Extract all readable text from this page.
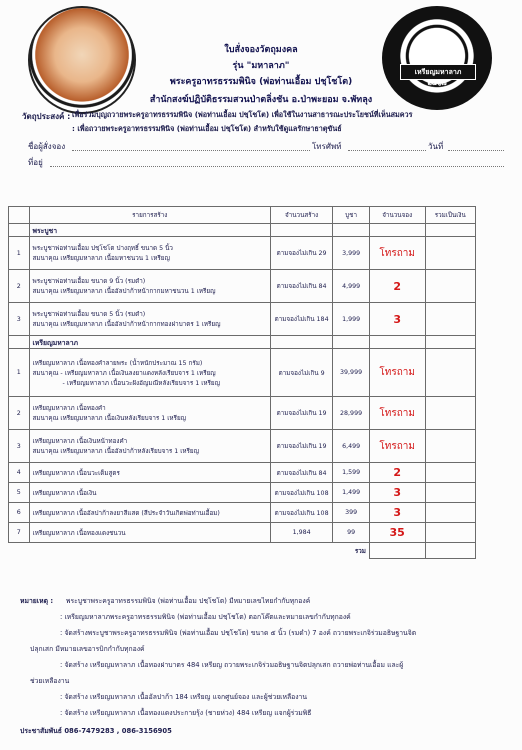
เหรียญมหาลาภ
๒๕๖๗
ใบสั่งจองวัตถุมงคล
รุ่น "มหาลาภ"
พระครูอาทรธรรมพินิจ (พ่อท่านเอื้อม ปชฺโชโต)
สำนักสงฆ์ปฏิบัติธรรมสวนป่าตลิ่งชัน อ.ป่าพะยอม จ.พัทลุง
วัตถุประสงค์ : เพื่อร่วมบุญถวายพระครูอาทรธรรมพินิจ (พ่อท่านเอื้อม ปชฺโชโต) เพื่อใช้ในงานสาธารณะประโยชน์ที่เห็นสมควร
: เพื่อถวายพระครูอาทรธรรมพินิจ (พ่อท่านเอื้อม ปชฺโชโต) สำหรับใช้ดูแลรักษาธาตุขันธ์
ชื่อผู้สั่งจอง	โทรศัพท์	วันที่
ที่อยู่
	รายการสร้าง	จำนวนสร้าง	บูชา	จำนวนจอง	รวมเป็นเงิน
	พระบูชา				
1	พระบูชาพ่อท่านเอื้อม ปชฺโชโต ปางฤทธิ์ ขนาด 5 นิ้ว
สมนาคุณ เหรียญมหาลาภ เนื้อมหาชนวน 1 เหรียญ	ตามจองไม่เกิน 29	3,999	โทรถาม	
2	พระบูชาพ่อท่านเอื้อม ขนาด 9 นิ้ว (รมดำ)
สมนาคุณ เหรียญมหาลาภ เนื้ออัลปาก้าหน้ากากมหาชนวน 1 เหรียญ	ตามจองไม่เกิน 84	4,999	2	
3	พระบูชาพ่อท่านเอื้อม ขนาด 5 นิ้ว (รมดำ)
สมนาคุณ เหรียญมหาลาภ เนื้ออัลปาก้าหน้ากากทองฝาบาตร 1 เหรียญ	ตามจองไม่เกิน 184	1,999	3	
	เหรียญมหาลาภ				
1	เหรียญมหาลาภ เนื้อทองคำลายพระ (น้ำหนักประมาณ 15 กรัม)
สมนาคุณ - เหรียญมหาลาภ เนื้อเงินลงยาแดงหลังเรียบจาร 1 เหรียญ
- เหรียญมหาลาภ เนื้อนวะฝังอัญมณีหลังเรียบจาร 1 เหรียญ	ตามจองไม่เกิน 9	39,999	โทรถาม	
2	เหรียญมหาลาภ เนื้อทองคำ
สมนาคุณ เหรียญมหาลาภ เนื้อเงินหลังเรียบจาร 1 เหรียญ	ตามจองไม่เกิน 19	28,999	โทรถาม	
3	เหรียญมหาลาภ เนื้อเงินหน้าทองคำ
สมนาคุณ เหรียญมหาลาภ เนื้ออัลปาก้าหลังเรียบจาร 1 เหรียญ	ตามจองไม่เกิน 19	6,499	โทรถาม	
4	เหรียญมหาลาภ เนื้อนวะเต็มสูตร	ตามจองไม่เกิน 84	1,599	2	
5	เหรียญมหาลาภ เนื้อเงิน	ตามจองไม่เกิน 108	1,499	3	
6	เหรียญมหาลาภ เนื้ออัลปาก้าลงยาสีแสด (สีประจำวันเกิดพ่อท่านเอื้อม)	ตามจองไม่เกิน 108	399	3	
7	เหรียญมหาลาภ เนื้อทองแดงชนวน	1,984	99	35	
รวม					
หมายเหตุ : พระบูชาพระครูอาทรธรรมพินิจ (พ่อท่านเอื้อม ปชฺโชโต) มีหมายเลขไทยกำกับทุกองค์
: เหรียญมหาลาภพระครูอาทรธรรมพินิจ (พ่อท่านเอื้อม ปชฺโชโต) ตอกโค๊ตและหมายเลขกำกับทุกองค์
: จัดสร้างพระบูชาพระครูอาทรธรรมพินิจ (พ่อท่านเอื้อม ปชฺโชโต) ขนาด ๕ นิ้ว (รมดำ) 7 องค์ ถวายพระเกจิร่วมอธิษฐานจิต
ปลุกเสก มีหมายเลขอารบิกกำกับทุกองค์
: จัดสร้าง เหรียญมหาลาภ เนื้อทองฝาบาตร 484 เหรียญ ถวายพระเกจิร่วมอธิษฐานจิตปลุกเสก ถวายพ่อท่านเอื้อม และผู้
ช่วยเหลืองาน
: จัดสร้าง เหรียญมหาลาภ เนื้ออัลปาก้า 184 เหรียญ แจกศูนย์จอง และผู้ช่วยเหลืองาน
: จัดสร้าง เหรียญมหาลาภ เนื้อทองแดงประกายรุ้ง (ชายห่วง) 484 เหรียญ แจกผู้ร่วมพิธี
ประชาสัมพันธ์ 086-7479283 , 086-3156905
